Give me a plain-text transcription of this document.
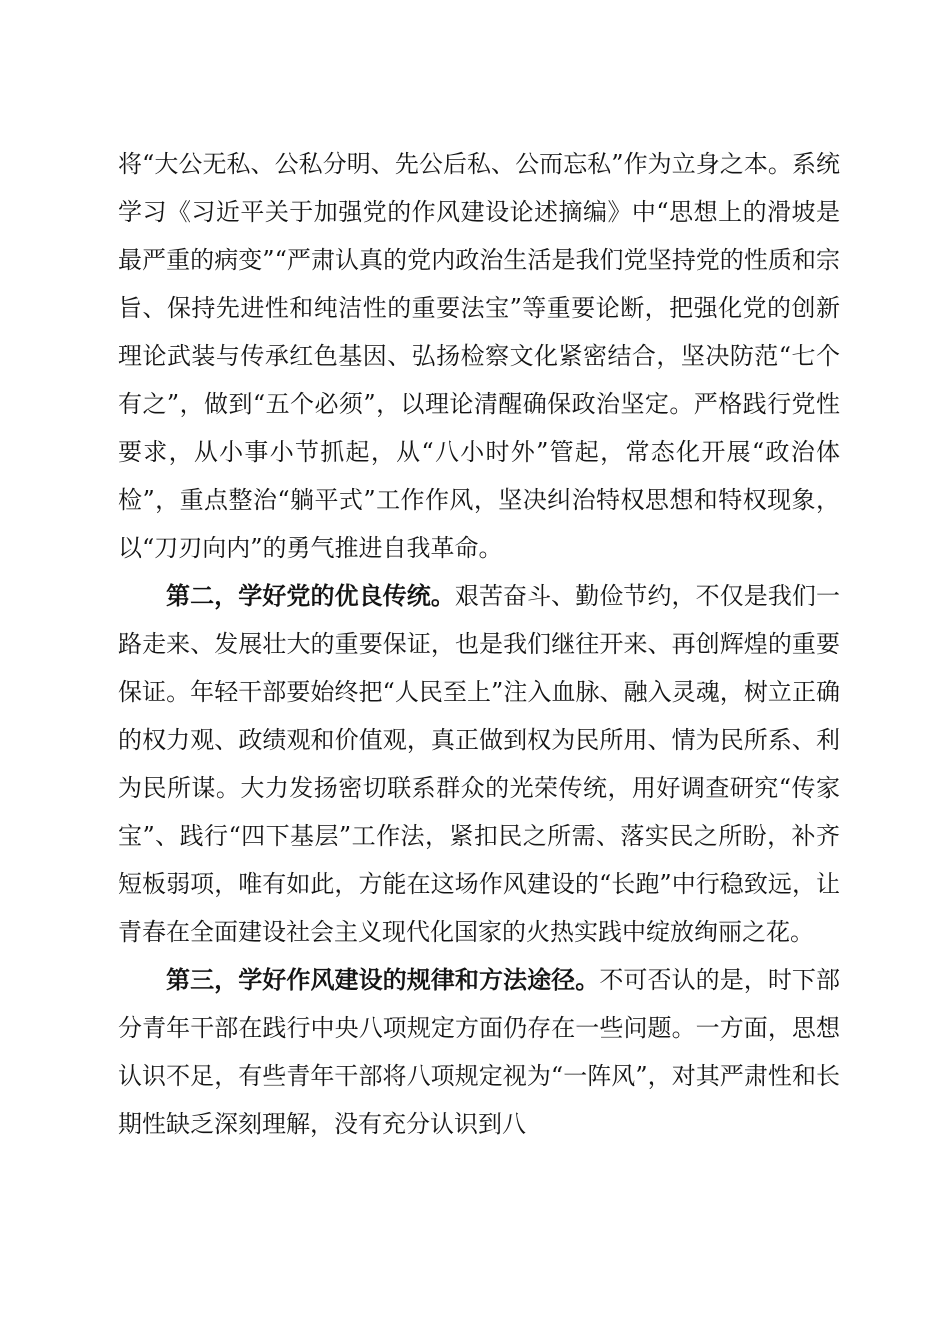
将“大公无私、公私分明、先公后私、公而忘私”作为立身之本。系统学习《习近平关于加强党的作风建设论述摘编》中“思想上的滑坡是最严重的病变”“严肃认真的党内政治生活是我们党坚持党的性质和宗旨、保持先进性和纯洁性的重要法宝”等重要论断，把强化党的创新理论武装与传承红色基因、弘扬检察文化紧密结合，坚决防范“七个有之”，做到“五个必须”，以理论清醒确保政治坚定。严格践行党性要求，从小事小节抓起，从“八小时外”管起，常态化开展“政治体检”，重点整治“躺平式”工作作风，坚决纠治特权思想和特权现象，以“刀刃向内”的勇气推进自我革命。

第二，学好党的优良传统。艰苦奋斗、勤俭节约，不仅是我们一路走来、发展壮大的重要保证，也是我们继往开来、再创辉煌的重要保证。年轻干部要始终把“人民至上”注入血脉、融入灵魂，树立正确的权力观、政绩观和价值观，真正做到权为民所用、情为民所系、利为民所谋。大力发扬密切联系群众的光荣传统，用好调查研究“传家宝”、践行“四下基层”工作法，紧扣民之所需、落实民之所盼，补齐短板弱项，唯有如此，方能在这场作风建设的“长跑”中行稳致远，让青春在全面建设社会主义现代化国家的火热实践中绽放绚丽之花。

第三，学好作风建设的规律和方法途径。不可否认的是，时下部分青年干部在践行中央八项规定方面仍存在一些问题。一方面，思想认识不足，有些青年干部将八项规定视为“一阵风”，对其严肃性和长期性缺乏深刻理解，没有充分认识到八
